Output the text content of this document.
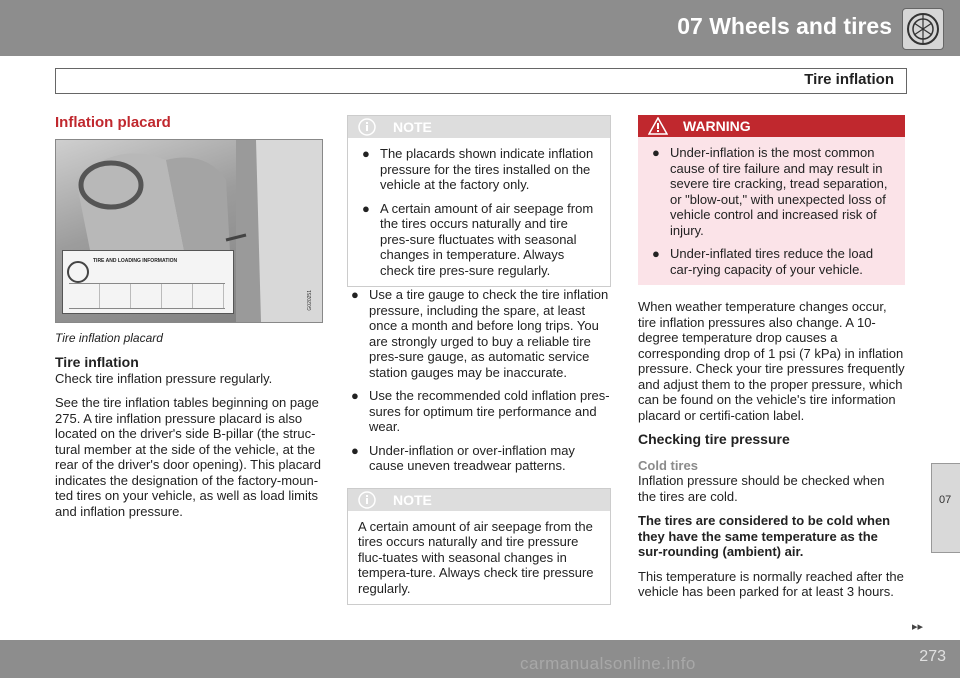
07 Wheels and tires
Tire inflation
Inflation placard
TIRE AND LOADING INFORMATION
G020251
Tire inflation placard
Tire inflation

Check tire inflation pressure regularly.

See the tire inflation tables beginning on page 275. A tire inflation pressure placard is also located on the driver's side B-pillar (the struc-tural member at the side of the vehicle, at the rear of the driver's door opening). This placard indicates the designation of the factory-moun-ted tires on your vehicle, as well as load limits and inflation pressure.

NOTE
● The placards shown indicate inflation pressure for the tires installed on the vehicle at the factory only.
● A certain amount of air seepage from the tires occurs naturally and tire pres-sure fluctuates with seasonal changes in temperature. Always check tire pres-sure regularly.
● Use a tire gauge to check the tire inflation pressure, including the spare, at least once a month and before long trips. You are strongly urged to buy a reliable tire pres-sure gauge, as automatic service station gauges may be inaccurate.
● Use the recommended cold inflation pres-sures for optimum tire performance and wear.
● Under-inflation or over-inflation may cause uneven treadwear patterns.
NOTE

A certain amount of air seepage from the tires occurs naturally and tire pressure fluc-tuates with seasonal changes in tempera-ture. Always check tire pressure regularly.

WARNING
● Under-inflation is the most common cause of tire failure and may result in severe tire cracking, tread separation, or "blow-out," with unexpected loss of vehicle control and increased risk of injury.
● Under-inflated tires reduce the load car-rying capacity of your vehicle.

When weather temperature changes occur, tire inflation pressures also change. A 10-degree temperature drop causes a corresponding drop of 1 psi (7 kPa) in inflation pressure. Check your tire pressures frequently and adjust them to the proper pressure, which can be found on the vehicle's tire information placard or certifi-cation label.

Checking tire pressure
Cold tires

Inflation pressure should be checked when the tires are cold.

The tires are considered to be cold when they have the same temperature as the sur-rounding (ambient) air.

This temperature is normally reached after the vehicle has been parked for at least 3 hours.

07
▸▸
carmanualsonline.info	273
